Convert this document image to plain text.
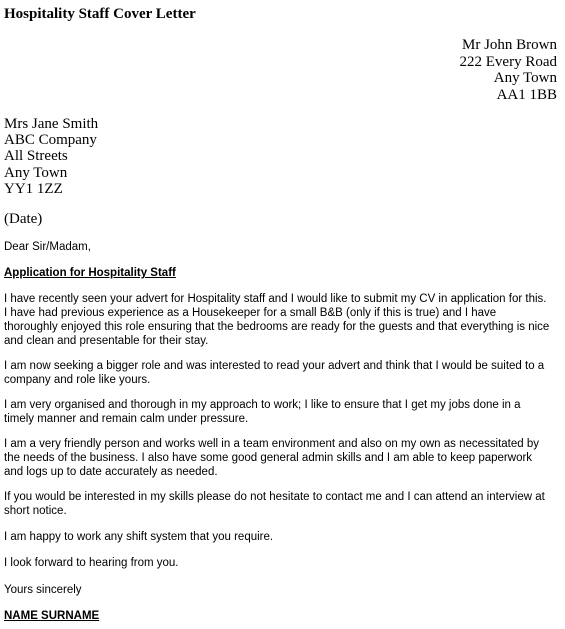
Hospitality Staff Cover Letter
Mr John Brown
222 Every Road
Any Town
AA1 1BB
Mrs Jane Smith
ABC Company
All Streets
Any Town
YY1 1ZZ
(Date)

Dear Sir/Madam,

Application for Hospitality Staff

I have recently seen your advert for Hospitality staff and I would like to submit my CV in application for this. I have had previous experience as a Housekeeper for a small B&B (only if this is true) and I have thoroughly enjoyed this role ensuring that the bedrooms are ready for the guests and that everything is nice and clean and presentable for their stay.

I am now seeking a bigger role and was interested to read your advert and think that I would be suited to a company and role like yours.

I am very organised and thorough in my approach to work; I like to ensure that I get my jobs done in a timely manner and remain calm under pressure.

I am a very friendly person and works well in a team environment and also on my own as necessitated by the needs of the business. I also have some good general admin skills and I am able to keep paperwork and logs up to date accurately as needed.

If you would be interested in my skills please do not hesitate to contact me and I can attend an interview at short notice.

I am happy to work any shift system that you require.

I look forward to hearing from you.

Yours sincerely

NAME SURNAME
